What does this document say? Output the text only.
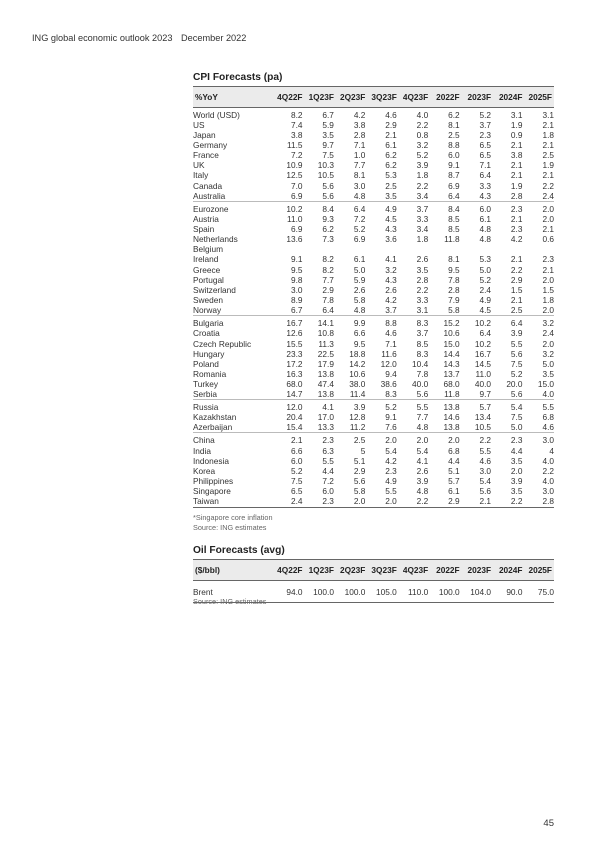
ING global economic outlook 2023 December 2022
CPI Forecasts (pa)
%YoY	4Q22F	1Q23F	2Q23F	3Q23F	4Q23F	2022F	2023F	2024F	2025F
World (USD)	8.2	6.7	4.2	4.6	4.0	6.2	5.2	3.1	3.1
US	7.4	5.9	3.8	2.9	2.2	8.1	3.7	1.9	2.1
Japan	3.8	3.5	2.8	2.1	0.8	2.5	2.3	0.9	1.8
Germany	11.5	9.7	7.1	6.1	3.2	8.8	6.5	2.1	2.1
France	7.2	7.5	1.0	6.2	5.2	6.0	6.5	3.8	2.5
UK	10.9	10.3	7.7	6.2	3.9	9.1	7.1	2.1	1.9
Italy	12.5	10.5	8.1	5.3	1.8	8.7	6.4	2.1	2.1
Canada	7.0	5.6	3.0	2.5	2.2	6.9	3.3	1.9	2.2
Australia	6.9	5.6	4.8	3.5	3.4	6.4	4.3	2.8	2.4
Eurozone	10.2	8.4	6.4	4.9	3.7	8.4	6.0	2.3	2.0
Austria	11.0	9.3	7.2	4.5	3.3	8.5	6.1	2.1	2.0
Spain	6.9	6.2	5.2	4.3	3.4	8.5	4.8	2.3	2.1
Netherlands	13.6	7.3	6.9	3.6	1.8	11.8	4.8	4.2	0.6
Belgium									
Ireland	9.1	8.2	6.1	4.1	2.6	8.1	5.3	2.1	2.3
Greece	9.5	8.2	5.0	3.2	3.5	9.5	5.0	2.2	2.1
Portugal	9.8	7.7	5.9	4.3	2.8	7.8	5.2	2.9	2.0
Switzerland	3.0	2.9	2.6	2.6	2.2	2.8	2.4	1.5	1.5
Sweden	8.9	7.8	5.8	4.2	3.3	7.9	4.9	2.1	1.8
Norway	6.7	6.4	4.8	3.7	3.1	5.8	4.5	2.5	2.0
Bulgaria	16.7	14.1	9.9	8.8	8.3	15.2	10.2	6.4	3.2
Croatia	12.6	10.8	6.6	4.6	3.7	10.6	6.4	3.9	2.4
Czech Republic	15.5	11.3	9.5	7.1	8.5	15.0	10.2	5.5	2.0
Hungary	23.3	22.5	18.8	11.6	8.3	14.4	16.7	5.6	3.2
Poland	17.2	17.9	14.2	12.0	10.4	14.3	14.5	7.5	5.0
Romania	16.3	13.8	10.6	9.4	7.8	13.7	11.0	5.2	3.5
Turkey	68.0	47.4	38.0	38.6	40.0	68.0	40.0	20.0	15.0
Serbia	14.7	13.8	11.4	8.3	5.6	11.8	9.7	5.6	4.0
Russia	12.0	4.1	3.9	5.2	5.5	13.8	5.7	5.4	5.5
Kazakhstan	20.4	17.0	12.8	9.1	7.7	14.6	13.4	7.5	6.8
Azerbaijan	15.4	13.3	11.2	7.6	4.8	13.8	10.5	5.0	4.6
China	2.1	2.3	2.5	2.0	2.0	2.0	2.2	2.3	3.0
India	6.6	6.3	5	5.4	5.4	6.8	5.5	4.4	4
Indonesia	6.0	5.5	5.1	4.2	4.1	4.4	4.6	3.5	4.0
Korea	5.2	4.4	2.9	2.3	2.6	5.1	3.0	2.0	2.2
Philippines	7.5	7.2	5.6	4.9	3.9	5.7	5.4	3.9	4.0
Singapore	6.5	6.0	5.8	5.5	4.8	6.1	5.6	3.5	3.0
Taiwan	2.4	2.3	2.0	2.0	2.2	2.9	2.1	2.2	2.8
*Singapore core inflation
Source: ING estimates
Oil Forecasts (avg)
($/bbl)	4Q22F	1Q23F	2Q23F	3Q23F	4Q23F	2022F	2023F	2024F	2025F
Brent	94.0	100.0	100.0	105.0	110.0	100.0	104.0	90.0	75.0
Source: ING estimates
45
